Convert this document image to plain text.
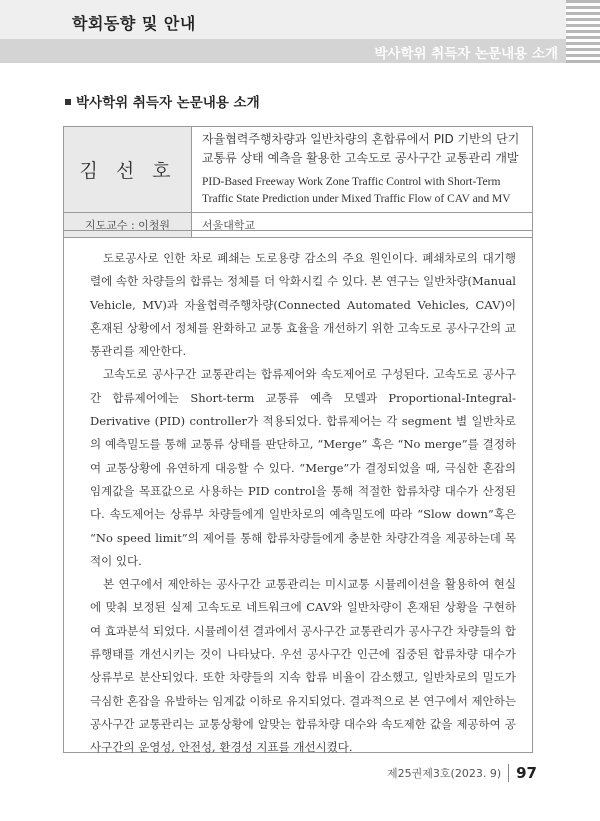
학회동향 및 안내
박사학위 취득자 논문내용 소개
박사학위 취득자 논문내용 소개
김선호	자율협력주행차량과 일반차량의 혼합류에서 PID 기반의 단기 교통류 상태 예측을 활용한 고속도로 공사구간 교통관리 개발
PID-Based Freeway Work Zone Traffic Control with Short-Term Traffic State Prediction under Mixed Traffic Flow of CAV and MV

지도교수 : 이청원	서울대학교

도로공사로 인한 차로 폐쇄는 도로용량 감소의 주요 원인이다. 폐쇄차로의 대기행렬에 속한 차량들의 합류는 정체를 더 악화시킬 수 있다. 본 연구는 일반차량(Manual Vehicle, MV)과 자율협력주행차량(Connected Automated Vehicles, CAV)이 혼재된 상황에서 정체를 완화하고 교통 효율을 개선하기 위한 고속도로 공사구간의 교통관리를 제안한다.

고속도로 공사구간 교통관리는 합류제어와 속도제어로 구성된다. 고속도로 공사구간 합류제어에는 Short-term 교통류 예측 모델과 Proportional-Integral-Derivative (PID) controller가 적용되었다. 합류제어는 각 segment 별 일반차로의 예측밀도를 통해 교통류 상태를 판단하고, “Merge” 혹은 “No merge”를 결정하여 교통상황에 유연하게 대응할 수 있다. “Merge”가 결정되었을 때, 극심한 혼잡의 임계값을 목표값으로 사용하는 PID control을 통해 적절한 합류차량 대수가 산정된다. 속도제어는 상류부 차량들에게 일반차로의 예측밀도에 따라 “Slow down”혹은 “No speed limit”의 제어를 통해 합류차량들에게 충분한 차량간격을 제공하는데 목적이 있다.

본 연구에서 제안하는 공사구간 교통관리는 미시교통 시뮬레이션을 활용하여 현실에 맞춰 보정된 실제 고속도로 네트워크에 CAV와 일반차량이 혼재된 상황을 구현하여 효과분석 되었다. 시뮬레이션 결과에서 공사구간 교통관리가 공사구간 차량들의 합류행태를 개선시키는 것이 나타났다. 우선 공사구간 인근에 집중된 합류차량 대수가 상류부로 분산되었다. 또한 차량들의 지속 합류 비율이 감소했고, 일반차로의 밀도가 극심한 혼잡을 유발하는 임계값 이하로 유지되었다. 결과적으로 본 연구에서 제안하는 공사구간 교통관리는 교통상황에 알맞는 합류차량 대수와 속도제한 값을 제공하여 공사구간의 운영성, 안전성, 환경성 지표를 개선시켰다.

제25권제3호(2023. 9) 97
